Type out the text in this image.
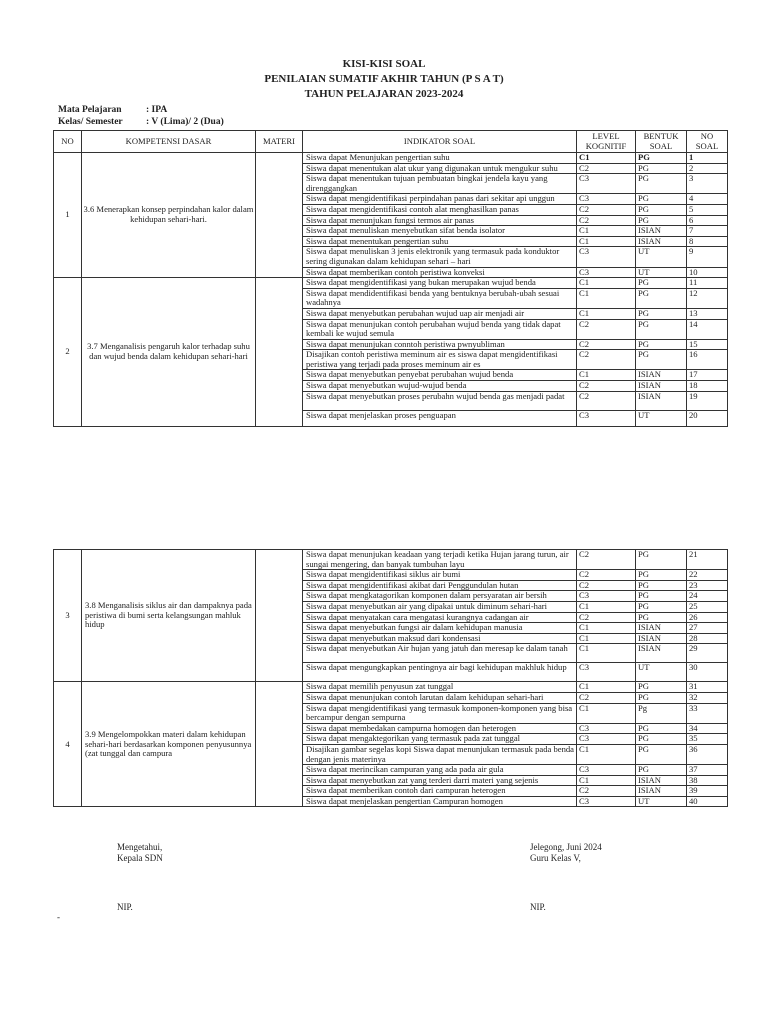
KISI-KISI SOAL
PENILAIAN SUMATIF AKHIR TAHUN (P S A T)
TAHUN PELAJARAN 2023-2024
Mata Pelajaran	: IPA
Kelas/ Semester : V (Lima)/ 2 (Dua)
NO	KOMPETENSI DASAR	MATERI	INDIKATOR SOAL	LEVEL KOGNITIF	BENTUK SOAL	NO SOAL
1	3.6 Menerapkan konsep perpindahan kalor dalam kehidupan sehari-hari.		Siswa dapat Menunjukan pengertian suhu	C1	PG	1
			Siswa dapat menentukan alat ukur yang digunakan untuk mengukur suhu	C2	PG	2
			Siswa dapat menentukan tujuan pembuatan bingkai jendela kayu yang direnggangkan	C3	PG	3
			Siswa dapat mengidentifikasi perpindahan panas dari sekitar api unggun	C3	PG	4
			Siswa dapat mengidentifikasi contoh alat menghasilkan panas	C2	PG	5
			Siswa dapat menunjukan fungsi termos air panas	C2	PG	6
			Siswa dapat menuliskan menyebutkan sifat benda isolator	C1	ISIAN	7
			Siswa dapat menentukan pengertian suhu	C1	ISIAN	8
			Siswa dapat menuliskan 3 jenis elektronik yang termasuk pada konduktor sering digunakan dalam kehidupan sehari – hari	C3	UT	9
			Siswa dapat memberikan contoh peristiwa konveksi	C3	UT	10
2	3.7 Menganalisis pengaruh kalor terhadap suhu dan wujud benda dalam kehidupan sehari-hari		Siswa dapat mengidentifikasi yang bukan merupakan wujud benda	C1	PG	11
			Siswa dapat mendidentifikasi benda yang bentuknya berubah-ubah sesuai wadahnya	C1	PG	12
			Siswa dapat menyebutkan perubahan wujud uap air menjadi air	C1	PG	13
			Siswa dapat menunjukan contoh perubahan wujud benda yang tidak dapat kembali ke wujud semula	C2	PG	14
			Siswa dapat menunjukan conntoh peristiwa pwnyubliman	C2	PG	15
			Disajikan contoh peristiwa meminum air es siswa dapat mengidentifikasi peristiwa yang terjadi pada proses meminum air es	C2	PG	16
			Siswa dapat menyebutkan penyebat perubahan wujud benda	C1	ISIAN	17
			Siswa dapat menyebutkan wujud-wujud benda	C2	ISIAN	18
			Siswa dapat menyebutkan proses perubahn wujud benda gas menjadi padat	C2	ISIAN	19
			Siswa dapat menjelaskan proses penguapan	C3	UT	20
3	3.8 Menganalisis siklus air dan dampaknya pada peristiwa di bumi serta kelangsungan mahluk hidup		Siswa dapat menunjukan keadaan yang terjadi ketika Hujan jarang turun, air sungai mengering, dan banyak tumbuhan layu	C2	PG	21
			Siswa dapat mengidentifikasi siklus air bumi	C2	PG	22
			Siswa dapat mengidentifikasi akibat dari Penggundulan hutan	C2	PG	23
			Siswa dapat mengkatagorikan komponen dalam persyaratan air bersih	C3	PG	24
			Siswa dapat menyebutkan air yang dipakai untuk diminum sehari-hari	C1	PG	25
			Siswa dapat menyatakan cara mengatasi kurangnya cadangan air	C2	PG	26
			Siswa dapat menyebutkan fungsi air dalam kehidupan manusia	C1	ISIAN	27
			Siswa dapat menyebutkan maksud dari kondensasi	C1	ISIAN	28
			Siswa dapat menyebutkan Air hujan yang jatuh dan meresap ke dalam tanah	C1	ISIAN	29
			Siswa dapat mengungkapkan pentingnya air bagi kehidupan makhluk hidup	C3	UT	30
4	3.9 Mengelompokkan materi dalam kehidupan sehari-hari berdasarkan komponen penyusunnya (zat tunggal dan campura		Siswa dapat memilih penyusun zat tunggal	C1	PG	31
			Siswa dapat menunjukan contoh larutan dalam kehidupan sehari-hari	C2	PG	32
			Siswa dapat mengidentifikasi yang termasuk komponen-komponen yang bisa bercampur dengan sempurna	C1	Pg	33
			Siswa dapat membedakan campurna homogen dan heterogen	C3	PG	34
			Siswa dapat mengaktegorikan yang termasuk pada zat tunggal	C3	PG	35
			Disajikan gambar segelas kopi Siswa dapat menunjukan termasuk pada benda dengan jenis materinya	C1	PG	36
			Siswa dapat merincikan campuran yang ada pada air gula	C3	PG	37
			Siswa dapat menyebutkan zat yang terderi darri materi yang sejenis	C1	ISIAN	38
			Siswa dapat memberikan contoh dari campuran heterogen	C2	ISIAN	39
			Siswa dapat menjelaskan pengertian Campuran homogen	C3	UT	40
Mengetahui,
Kepala SDN
NIP.
Jelegong, Juni 2024
Guru Kelas V,
NIP.
-
